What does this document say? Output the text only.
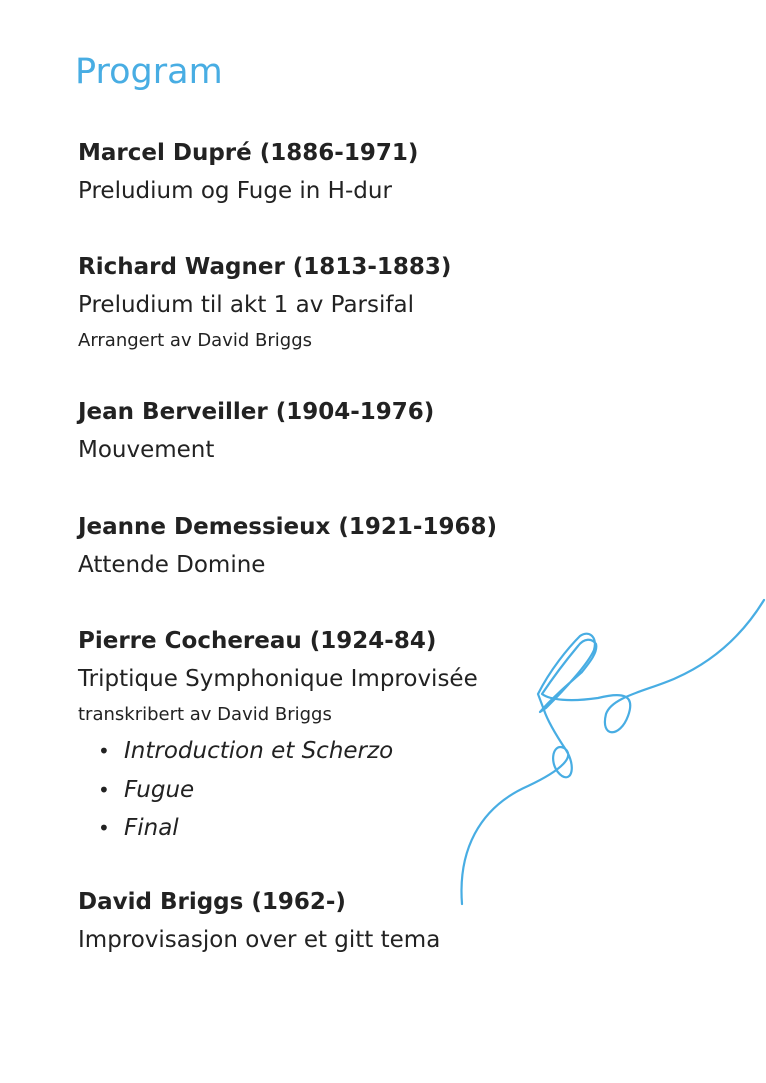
Program
Marcel Dupré (1886-1971)
Preludium og Fuge in H-dur
Richard Wagner (1813-1883)
Preludium til akt 1 av Parsifal
Arrangert av David Briggs
Jean Berveiller (1904-1976)
Mouvement
Jeanne Demessieux (1921-1968)
Attende Domine
Pierre Cochereau (1924-84)
Triptique Symphonique Improvisée
transkribert av David Briggs
• Introduction et Scherzo
• Fugue
• Final
David Briggs (1962-)
Improvisasjon over et gitt tema
